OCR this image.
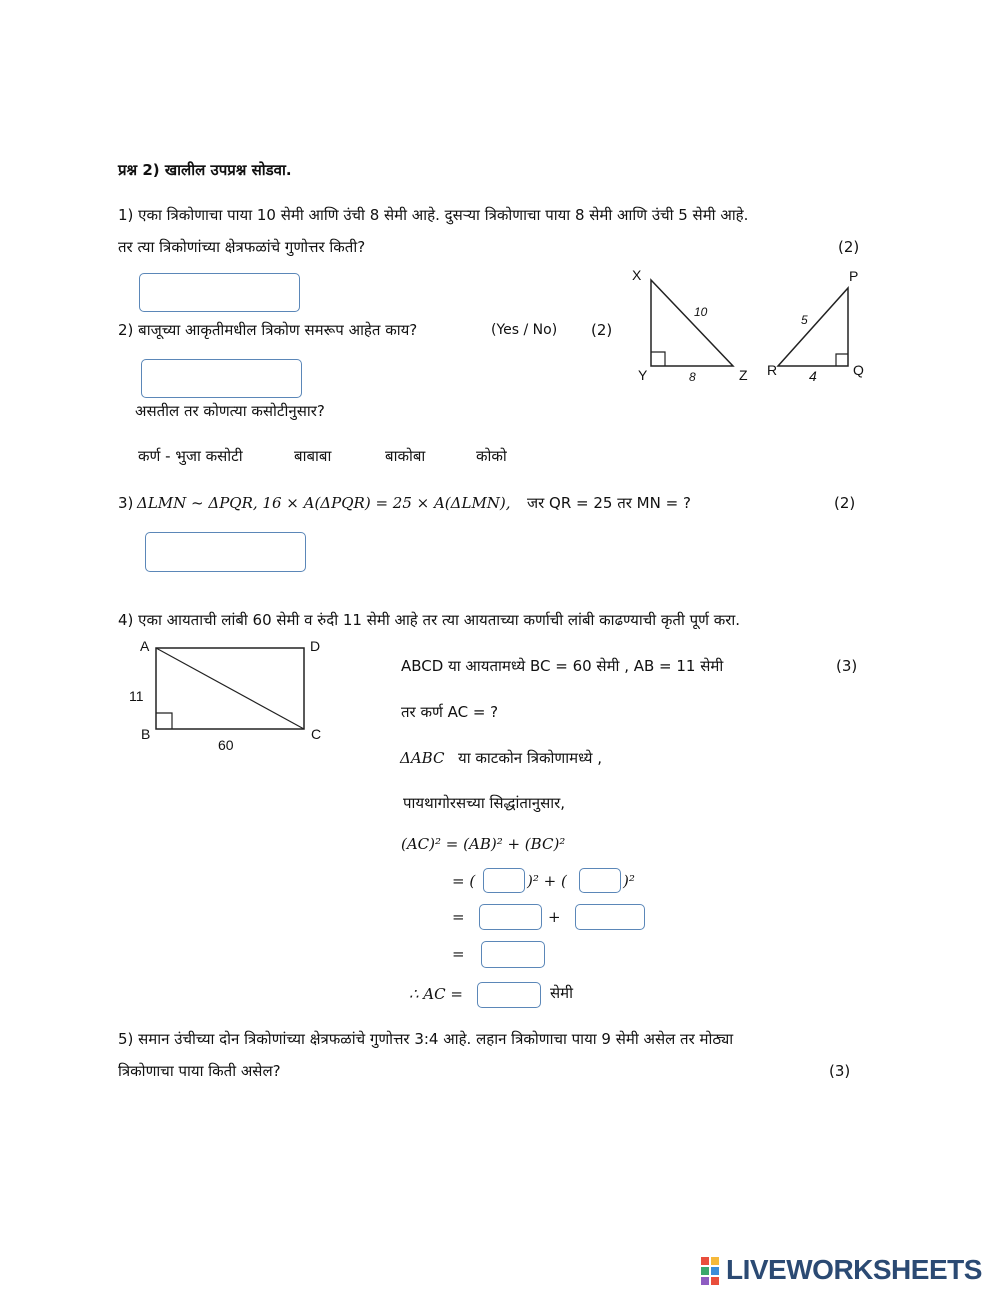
प्रश्न 2) खालील उपप्रश्न सोडवा.
1) एका त्रिकोणाचा पाया 10 सेमी आणि उंची 8 सेमी आहे. दुसऱ्या त्रिकोणाचा पाया 8 सेमी आणि उंची 5 सेमी आहे.
तर त्या त्रिकोणांच्या क्षेत्रफळांचे गुणोत्तर किती?	(2)
2) बाजूच्या आकृतीमधील त्रिकोण समरूप आहेत काय?	(Yes / No) (2)
असतील तर कोणत्या कसोटीनुसार?
कर्ण - भुजा कसोटी	बाबाबा	बाकोबा	कोको
X
Y	Z
10
8
P
Q
R
5
4
3) ΔLMN ~ ΔPQR, 16 × A(ΔPQR) = 25 × A(ΔLMN), जर QR = 25 तर MN = ?	(2)
4) एका आयताची लांबी 60 सेमी व रुंदी 11 सेमी आहे तर त्या आयताच्या कर्णाची लांबी काढण्याची कृती पूर्ण करा.
A	D
B	C
11
60
ABCD या आयतामध्ये BC = 60 सेमी , AB = 11 सेमी	(3)
तर कर्ण AC = ?
ΔABC या काटकोन त्रिकोणामध्ये ,
पायथागोरसच्या सिद्धांतानुसार,
(AC)² = (AB)² + (BC)²
= (	)² + (	)²
=	+
=
∴ AC =	सेमी
5) समान उंचीच्या दोन त्रिकोणांच्या क्षेत्रफळांचे गुणोत्तर 3:4 आहे. लहान त्रिकोणाचा पाया 9 सेमी असेल तर मोठ्या
त्रिकोणाचा पाया किती असेल?	(3)
LIVEWORKSHEETS
